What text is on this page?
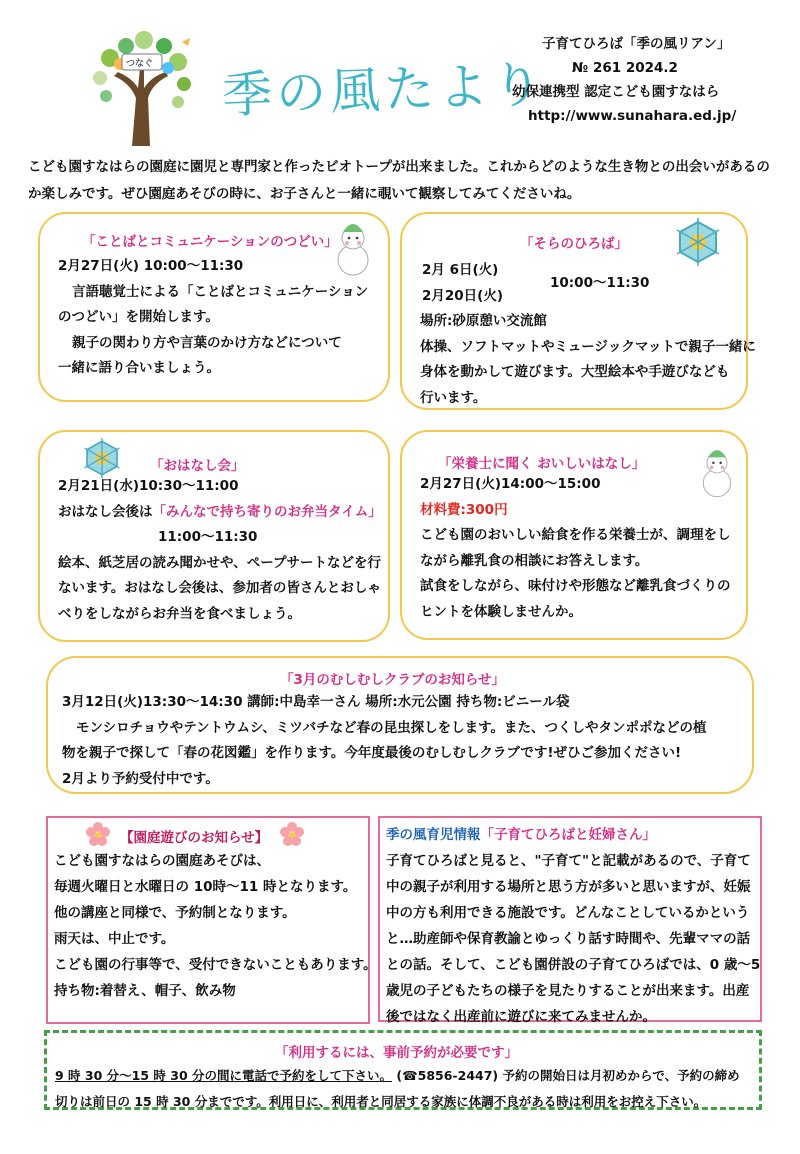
つなぐ 季の風たより
子育てひろば「季の風リアン」
№ 261 2024.2
幼保連携型 認定こども園すなはら
http://www.sunahara.ed.jp/
こども園すなはらの園庭に園児と専門家と作ったビオトープが出来ました。これからどのような生き物との出会いがあるのか楽しみです。ぜひ園庭あそびの時に、お子さんと一緒に覗いて観察してみてくださいね。
「ことばとコミュニケーションのつどい」
2月27日(火) 10:00～11:30
言語聴覚士による「ことばとコミュニケーション
のつどい」を開始します。
親子の関わり方や言葉のかけ方などについて
一緒に語り合いましょう。
「そらのひろば」
2月 6日(火)
2月20日(火)
10:00～11:30
場所:砂原憩い交流館
体操、ソフトマットやミュージックマットで親子一緒に
身体を動かして遊びます。大型絵本や手遊びなども
行います。
「おはなし会」
2月21日(水)10:30～11:00
おはなし会後は「みんなで持ち寄りのお弁当タイム」
11:00～11:30
絵本、紙芝居の読み聞かせや、ペープサートなどを行
ないます。おはなし会後は、参加者の皆さんとおしゃ
べりをしながらお弁当を食べましょう。
「栄養士に聞く おいしいはなし」
2月27日(火)14:00～15:00
材料費:300円
こども園のおいしい給食を作る栄養士が、調理をし
ながら離乳食の相談にお答えします。
試食をしながら、味付けや形態など離乳食づくりの
ヒントを体験しませんか。
「3月のむしむしクラブのお知らせ」
3月12日(火)13:30～14:30 講師:中島幸一さん 場所:水元公園 持ち物:ビニール袋
モンシロチョウやテントウムシ、ミツバチなど春の昆虫探しをします。また、つくしやタンポポなどの植
物を親子で探して「春の花図鑑」を作ります。今年度最後のむしむしクラブです!ぜひご参加ください!
2月より予約受付中です。
【園庭遊びのお知らせ】
こども園すなはらの園庭あそびは、
毎週火曜日と水曜日の 10時～11 時となります。
他の講座と同様で、予約制となります。
雨天は、中止です。
こども園の行事等で、受付できないこともあります。
持ち物:着替え、帽子、飲み物
季の風育児情報「子育てひろばと妊婦さん」
子育てひろばと見ると、"子育て"と記載があるので、子育て
中の親子が利用する場所と思う方が多いと思いますが、妊娠
中の方も利用できる施設です。どんなことしているかという
と…助産師や保育教諭とゆっくり話す時間や、先輩ママの話
との話。そして、こども園併設の子育てひろばでは、0 歳～5
歳児の子どもたちの様子を見たりすることが出来ます。出産
後ではなく出産前に遊びに来てみませんか。
「利用するには、事前予約が必要です」
9 時 30 分～15 時 30 分の間に電話で予約をして下さい。 (☎5856-2447) 予約の開始日は月初めからで、予約の締め
切りは前日の 15 時 30 分までです。利用日に、利用者と同居する家族に体調不良がある時は利用をお控え下さい。
